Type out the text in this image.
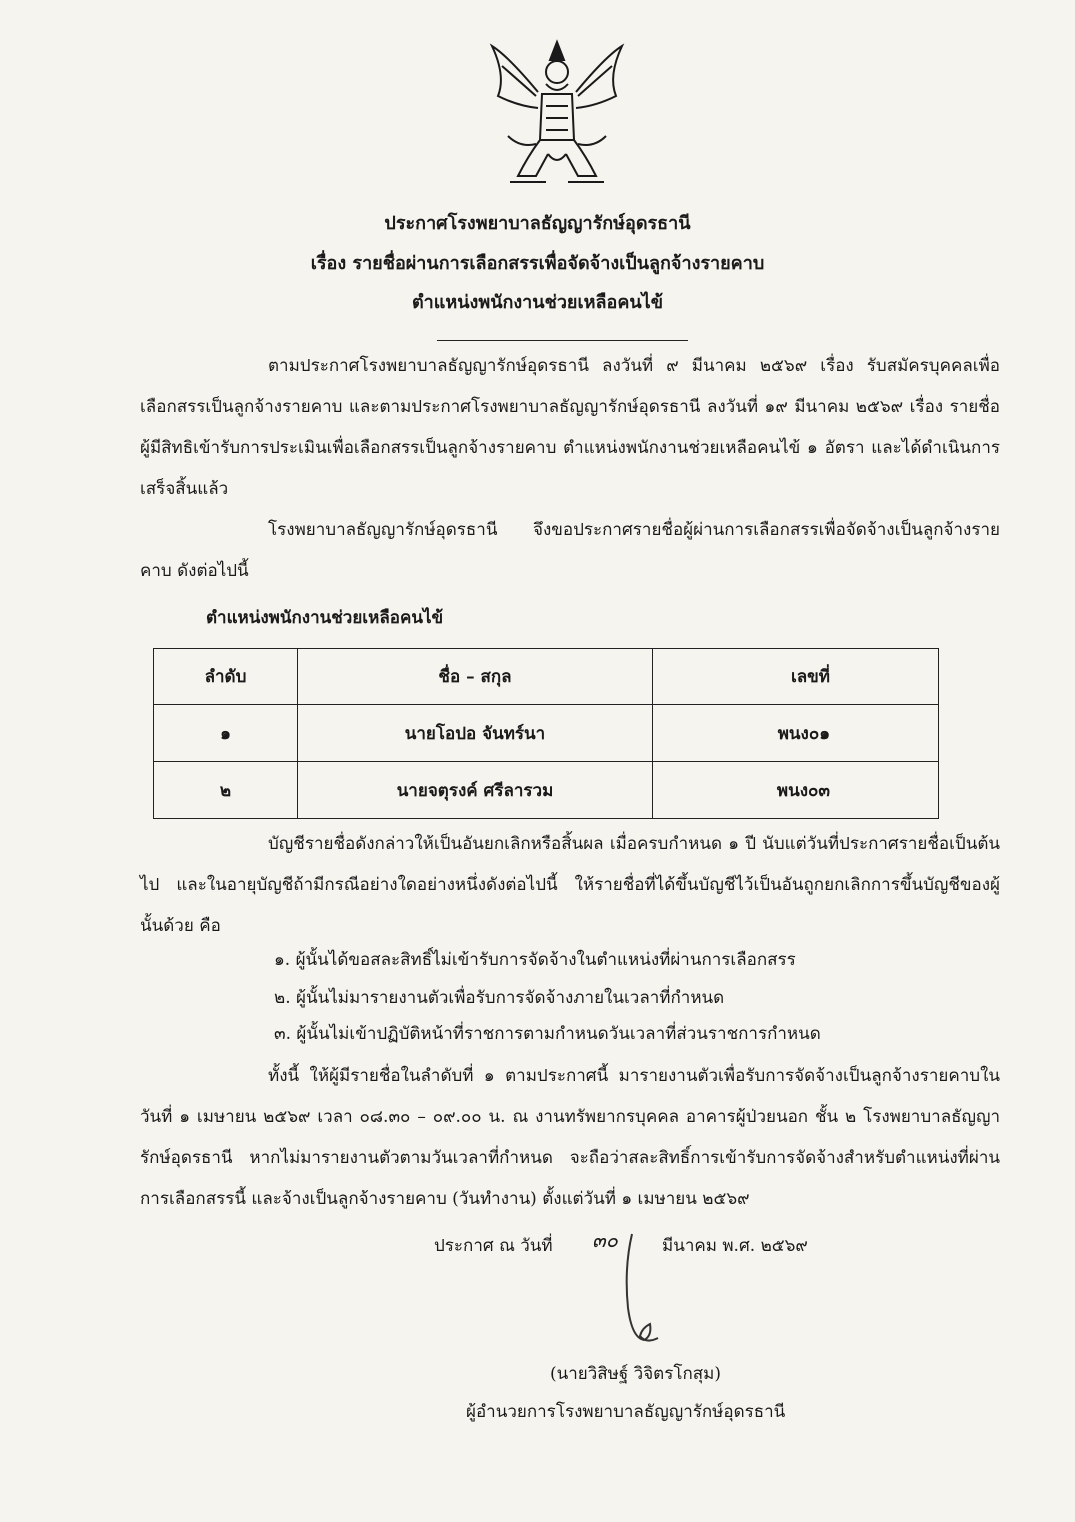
ประกาศโรงพยาบาลธัญญารักษ์อุดรธานี
เรื่อง รายชื่อผ่านการเลือกสรรเพื่อจัดจ้างเป็นลูกจ้างรายคาบ
ตำแหน่งพนักงานช่วยเหลือคนไข้

ตามประกาศโรงพยาบาลธัญญารักษ์อุดรธานี ลงวันที่ ๙ มีนาคม ๒๕๖๙ เรื่อง รับสมัครบุคคลเพื่อเลือกสรรเป็นลูกจ้างรายคาบ และตามประกาศโรงพยาบาลธัญญารักษ์อุดรธานี ลงวันที่ ๑๙ มีนาคม ๒๕๖๙ เรื่อง รายชื่อผู้มีสิทธิเข้ารับการประเมินเพื่อเลือกสรรเป็นลูกจ้างรายคาบ ตำแหน่งพนักงานช่วยเหลือคนไข้ ๑ อัตรา และได้ดำเนินการเสร็จสิ้นแล้ว

โรงพยาบาลธัญญารักษ์อุดรธานี จึงขอประกาศรายชื่อผู้ผ่านการเลือกสรรเพื่อจัดจ้างเป็นลูกจ้างรายคาบ ดังต่อไปนี้

ตำแหน่งพนักงานช่วยเหลือคนไข้
ลำดับ	ชื่อ – สกุล	เลขที่
๑	นายโอปอ จันทร์นา	พนง๐๑
๒	นายจตุรงค์ ศรีลารวม	พนง๐๓

บัญชีรายชื่อดังกล่าวให้เป็นอันยกเลิกหรือสิ้นผล เมื่อครบกำหนด ๑ ปี นับแต่วันที่ประกาศรายชื่อเป็นต้นไป และในอายุบัญชีถ้ามีกรณีอย่างใดอย่างหนึ่งดังต่อไปนี้ ให้รายชื่อที่ได้ขึ้นบัญชีไว้เป็นอันถูกยกเลิกการขึ้นบัญชีของผู้นั้นด้วย คือ

๑. ผู้นั้นได้ขอสละสิทธิ์ไม่เข้ารับการจัดจ้างในตำแหน่งที่ผ่านการเลือกสรร
๒. ผู้นั้นไม่มารายงานตัวเพื่อรับการจัดจ้างภายในเวลาที่กำหนด
๓. ผู้นั้นไม่เข้าปฏิบัติหน้าที่ราชการตามกำหนดวันเวลาที่ส่วนราชการกำหนด

ทั้งนี้ ให้ผู้มีรายชื่อในลำดับที่ ๑ ตามประกาศนี้ มารายงานตัวเพื่อรับการจัดจ้างเป็นลูกจ้างรายคาบในวันที่ ๑ เมษายน ๒๕๖๙ เวลา ๐๘.๓๐ – ๐๙.๐๐ น. ณ งานทรัพยากรบุคคล อาคารผู้ป่วยนอก ชั้น ๒ โรงพยาบาลธัญญารักษ์อุดรธานี หากไม่มารายงานตัวตามวันเวลาที่กำหนด จะถือว่าสละสิทธิ์การเข้ารับการจัดจ้างสำหรับตำแหน่งที่ผ่านการเลือกสรรนี้ และจ้างเป็นลูกจ้างรายคาบ (วันทำงาน) ตั้งแต่วันที่ ๑ เมษายน ๒๕๖๙

ประกาศ ณ วันที่ ๓๐	มีนาคม พ.ศ. ๒๕๖๙
(นายวิสิษฐ์ วิจิตรโกสุม)
ผู้อำนวยการโรงพยาบาลธัญญารักษ์อุดรธานี
